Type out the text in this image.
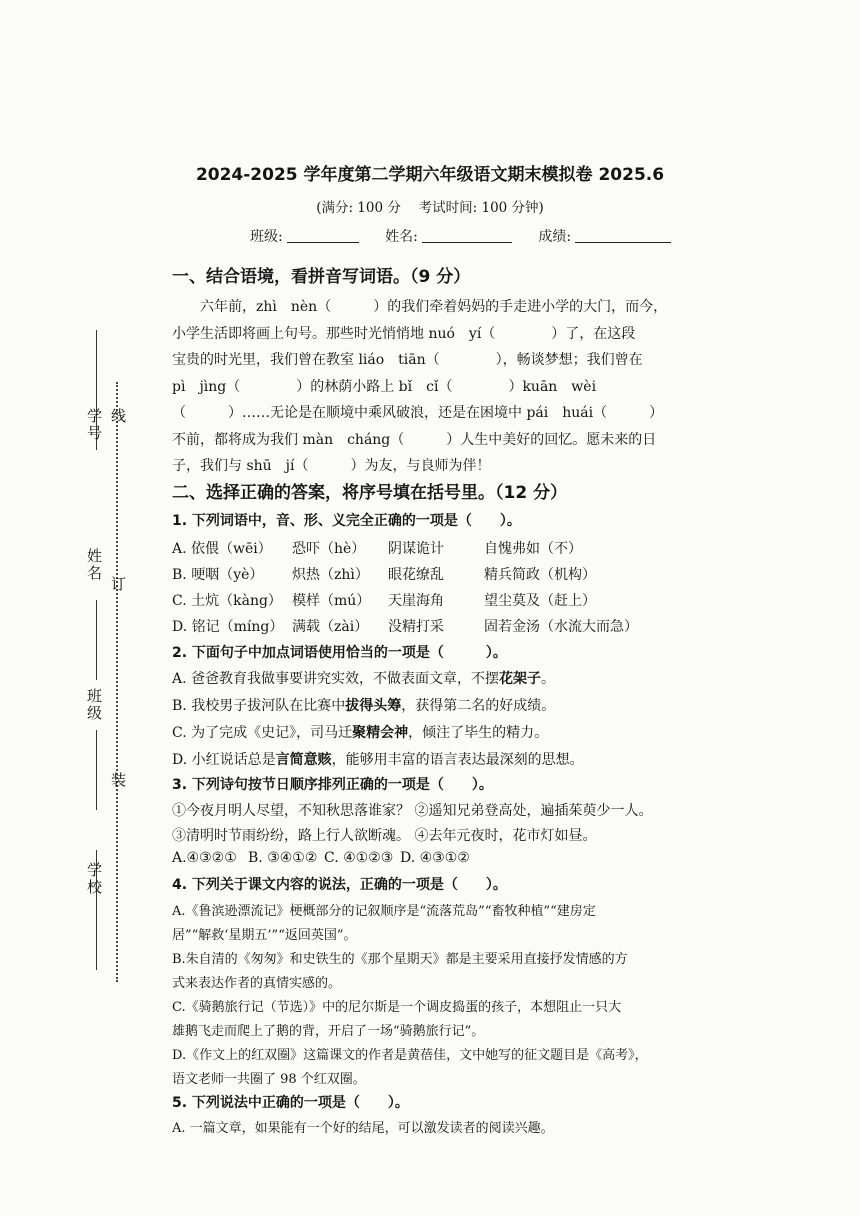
学号 线
姓名
订
班级
装
学校
2024-2025 学年度第二学期六年级语文期末模拟卷 2025.6
(满分: 100 分　 考试时间: 100 分钟)
班级:	姓名:	成绩:
一、结合语境，看拼音写词语。（9 分）

六年前，zhì　nèn（　　　）的我们牵着妈妈的手走进小学的大门，而今，

小学生活即将画上句号。那些时光悄悄地 nuó　yí（　　　　）了，在这段

宝贵的时光里，我们曾在教室 liáo　tiān（　　　　），畅谈梦想；我们曾在

pì　jìng（　　　　）的林荫小路上 bǐ　cǐ（　　　　）kuān　wèi

（　　　）……无论是在顺境中乘风破浪，还是在困境中 pái　huái（　　　）

不前，都将成为我们 màn　cháng（　　　）人生中美好的回忆。愿未来的日

子，我们与 shū　jí（　　　）为友，与良师为伴！

二、选择正确的答案，将序号填在括号里。（12 分）
1. 下列词语中，音、形、义完全正确的一项是（　　）。
A. 依偎（wēi） 恐吓（hè） 阴谋诡计	自愧弗如（不）
B. 哽咽（yè） 炽热（zhì） 眼花缭乱	精兵简政（机构）
C. 土炕（kàng） 模样（mú） 天崖海角	望尘莫及（赶上）
D. 铭记（míng） 满载（zài） 没精打采	固若金汤（水流大而急）
2. 下面句子中加点词语使用恰当的一项是（　　　）。
A. 爸爸教育我做事要讲究实效，不做表面文章，不摆花架子。
B. 我校男子拔河队在比赛中拔得头筹，获得第二名的好成绩。
C. 为了完成《史记》，司马迁聚精会神，倾注了毕生的精力。
D. 小红说话总是言简意赅，能够用丰富的语言表达最深刻的思想。
3. 下列诗句按节日顺序排列正确的一项是（　　）。
①今夜月明人尽望，不知秋思落谁家？ ②遥知兄弟登高处，遍插茱萸少一人。
③清明时节雨纷纷，路上行人欲断魂。 ④去年元夜时，花市灯如昼。
A.④③②① B. ③④①② C. ④①②③ D. ④③①②
4. 下列关于课文内容的说法，正确的一项是（　　）。
A.《鲁滨逊漂流记》梗概部分的记叙顺序是“流落荒岛”“畜牧种植”“建房定
居”“解救‘星期五’”“返回英国”。
B.朱自清的《匆匆》和史铁生的《那个星期天》都是主要采用直接抒发情感的方
式来表达作者的真情实感的。
C.《骑鹅旅行记（节选）》中的尼尔斯是一个调皮捣蛋的孩子，本想阻止一只大
雄鹅飞走而爬上了鹅的背，开启了一场“骑鹅旅行记”。
D.《作文上的红双圈》这篇课文的作者是黄蓓佳，文中她写的征文题目是《高考》，
语文老师一共圈了 98 个红双圈。
5. 下列说法中正确的一项是（　　）。
A. 一篇文章，如果能有一个好的结尾，可以激发读者的阅读兴趣。
